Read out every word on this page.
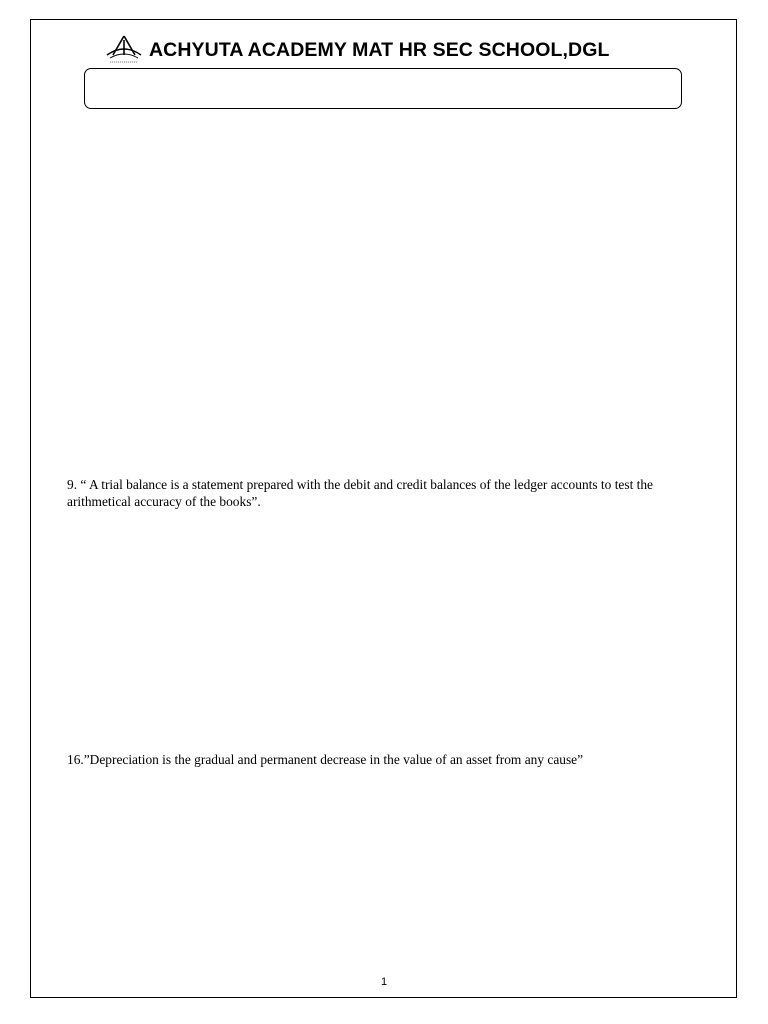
ACHYUTA ACADEMY MAT HR SEC SCHOOL,DGL
9. “ A trial balance is a statement prepared with the debit and credit balances of the ledger accounts to test the arithmetical accuracy of the books”.
16.”Depreciation is the gradual and permanent decrease in the value of an asset from any cause”
1
